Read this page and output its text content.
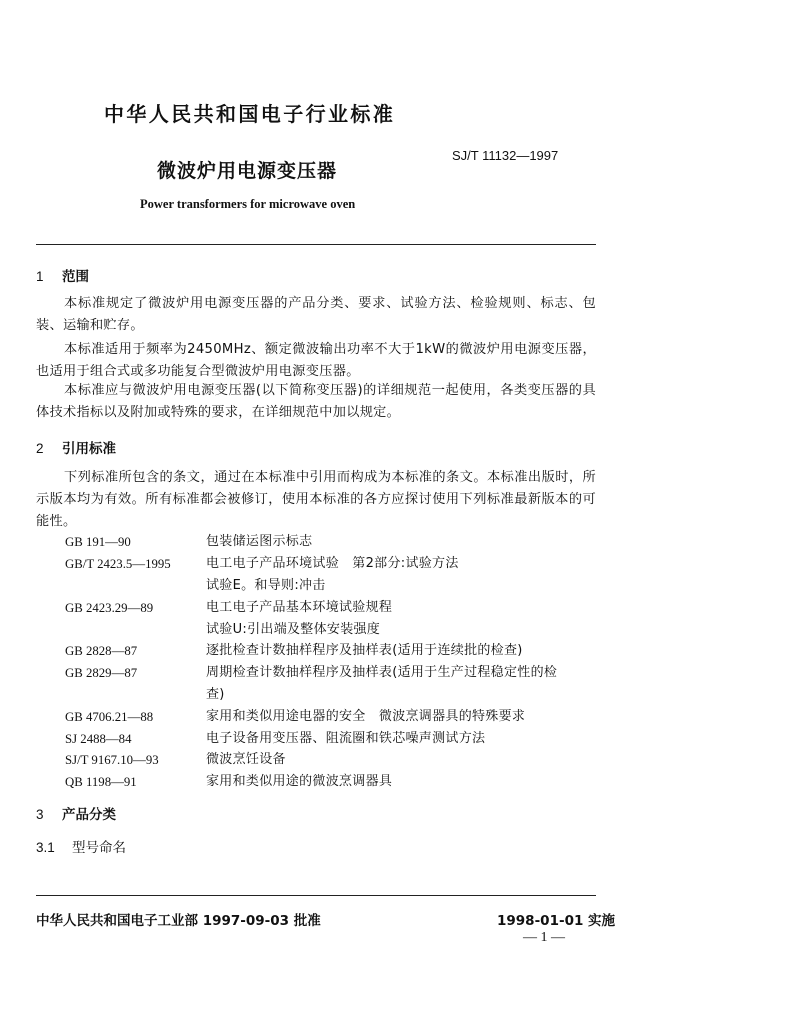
中华人民共和国电子行业标准
微波炉用电源变压器
SJ/T 11132—1997
Power transformers for microwave oven
1 范围
本标准规定了微波炉用电源变压器的产品分类、要求、试验方法、检验规则、标志、包装、运输和贮存。
本标准适用于频率为2450MHz、额定微波输出功率不大于1kW的微波炉用电源变压器，也适用于组合式或多功能复合型微波炉用电源变压器。
本标准应与微波炉用电源变压器(以下简称变压器)的详细规范一起使用，各类变压器的具体技术指标以及附加或特殊的要求，在详细规范中加以规定。
2 引用标准
下列标准所包含的条文，通过在本标准中引用而构成为本标准的条文。本标准出版时，所示版本均为有效。所有标准都会被修订，使用本标准的各方应探讨使用下列标准最新版本的可能性。
GB 191—90	包装储运图示标志
GB/T 2423.5—1995	电工电子产品环境试验　第2部分:试验方法
试验E。和导则:冲击
GB 2423.29—89	电工电子产品基本环境试验规程
试验U:引出端及整体安装强度
GB 2828—87	逐批检查计数抽样程序及抽样表(适用于连续批的检查)
GB 2829—87	周期检查计数抽样程序及抽样表(适用于生产过程稳定性的检
查)
GB 4706.21—88	家用和类似用途电器的安全　微波烹调器具的特殊要求
SJ 2488—84	电子设备用变压器、阻流圈和铁芯噪声测试方法
SJ/T 9167.10—93	微波烹饪设备
QB 1198—91	家用和类似用途的微波烹调器具
3 产品分类
3.1 型号命名
中华人民共和国电子工业部 1997-09-03 批准	1998-01-01 实施
— 1 —
